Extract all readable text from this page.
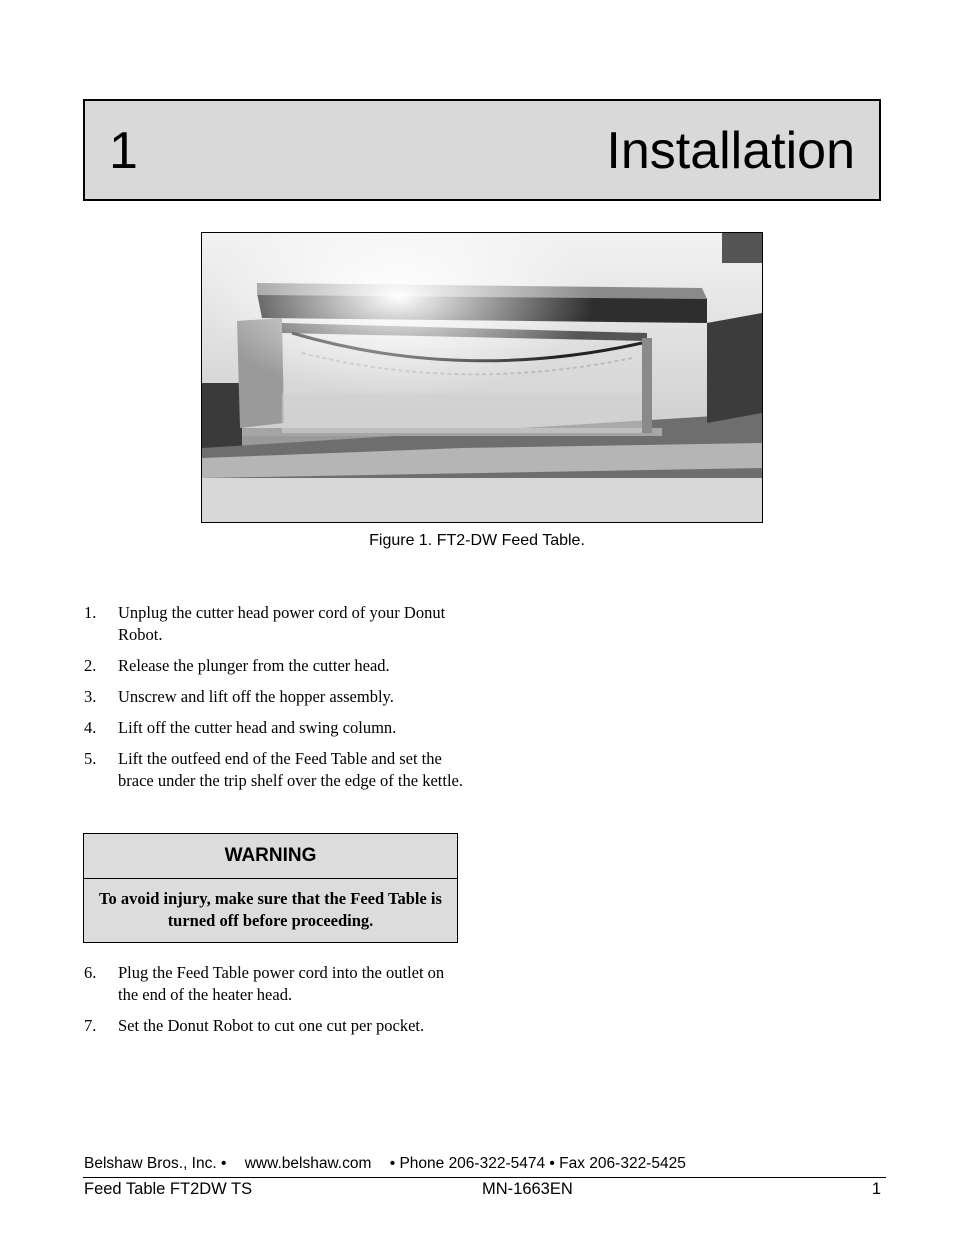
1	Installation
Figure 1. FT2-DW Feed Table.
1. Unplug the cutter head power cord of your Donut Robot.
2. Release the plunger from the cutter head.
3. Unscrew and lift off the hopper assembly.
4. Lift off the cutter head and swing column.
5. Lift the outfeed end of the Feed Table and set the brace under the trip shelf over the edge of the kettle.
WARNING
To avoid injury, make sure that the Feed Table is turned off before proceeding.
6. Plug the Feed Table power cord into the outlet on the end of the heater head.
7. Set the Donut Robot to cut one cut per pocket.
Belshaw Bros., Inc. • www.belshaw.com • Phone 206-322-5474 • Fax 206-322-5425
Feed Table FT2DW TS	MN-1663EN	1
